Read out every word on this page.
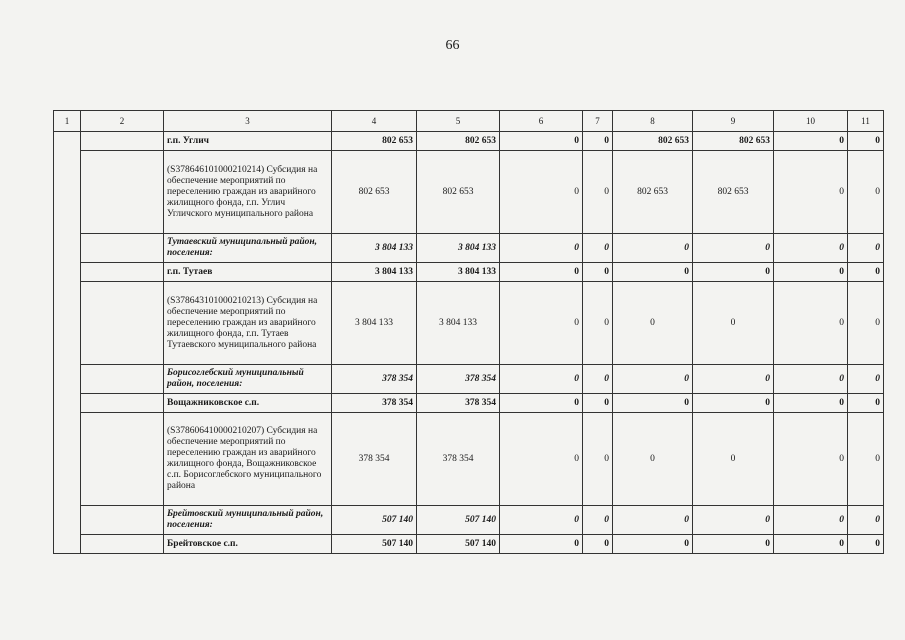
66
1	2	3	4	5	6	7	8	9	10	11
		г.п. Углич	802 653	802 653	0	0	802 653	802 653	0	0
		(S378646101000210214) Субсидия на обеспечение мероприятий по переселению граждан из аварийного жилищного фонда, г.п. Углич Угличского муниципального района	802 653	802 653	0	0	802 653	802 653	0	0
		Тутаевский муниципальный район, поселения:	3 804 133	3 804 133	0	0	0	0	0	0
		г.п. Тутаев	3 804 133	3 804 133	0	0	0	0	0	0
		(S378643101000210213) Субсидия на обеспечение мероприятий по переселению граждан из аварийного жилищного фонда, г.п. Тутаев Тутаевского муниципального района	3 804 133	3 804 133	0	0	0	0	0	0
		Борисоглебский муниципальный район, поселения:	378 354	378 354	0	0	0	0	0	0
		Вощажниковское с.п.	378 354	378 354	0	0	0	0	0	0
		(S378606410000210207) Субсидия на обеспечение мероприятий по переселению граждан из аварийного жилищного фонда, Вощажниковское с.п. Борисоглебского муниципального района	378 354	378 354	0	0	0	0	0	0
		Брейтовский муниципальный район, поселения:	507 140	507 140	0	0	0	0	0	0
		Брейтовское с.п.	507 140	507 140	0	0	0	0	0	0
